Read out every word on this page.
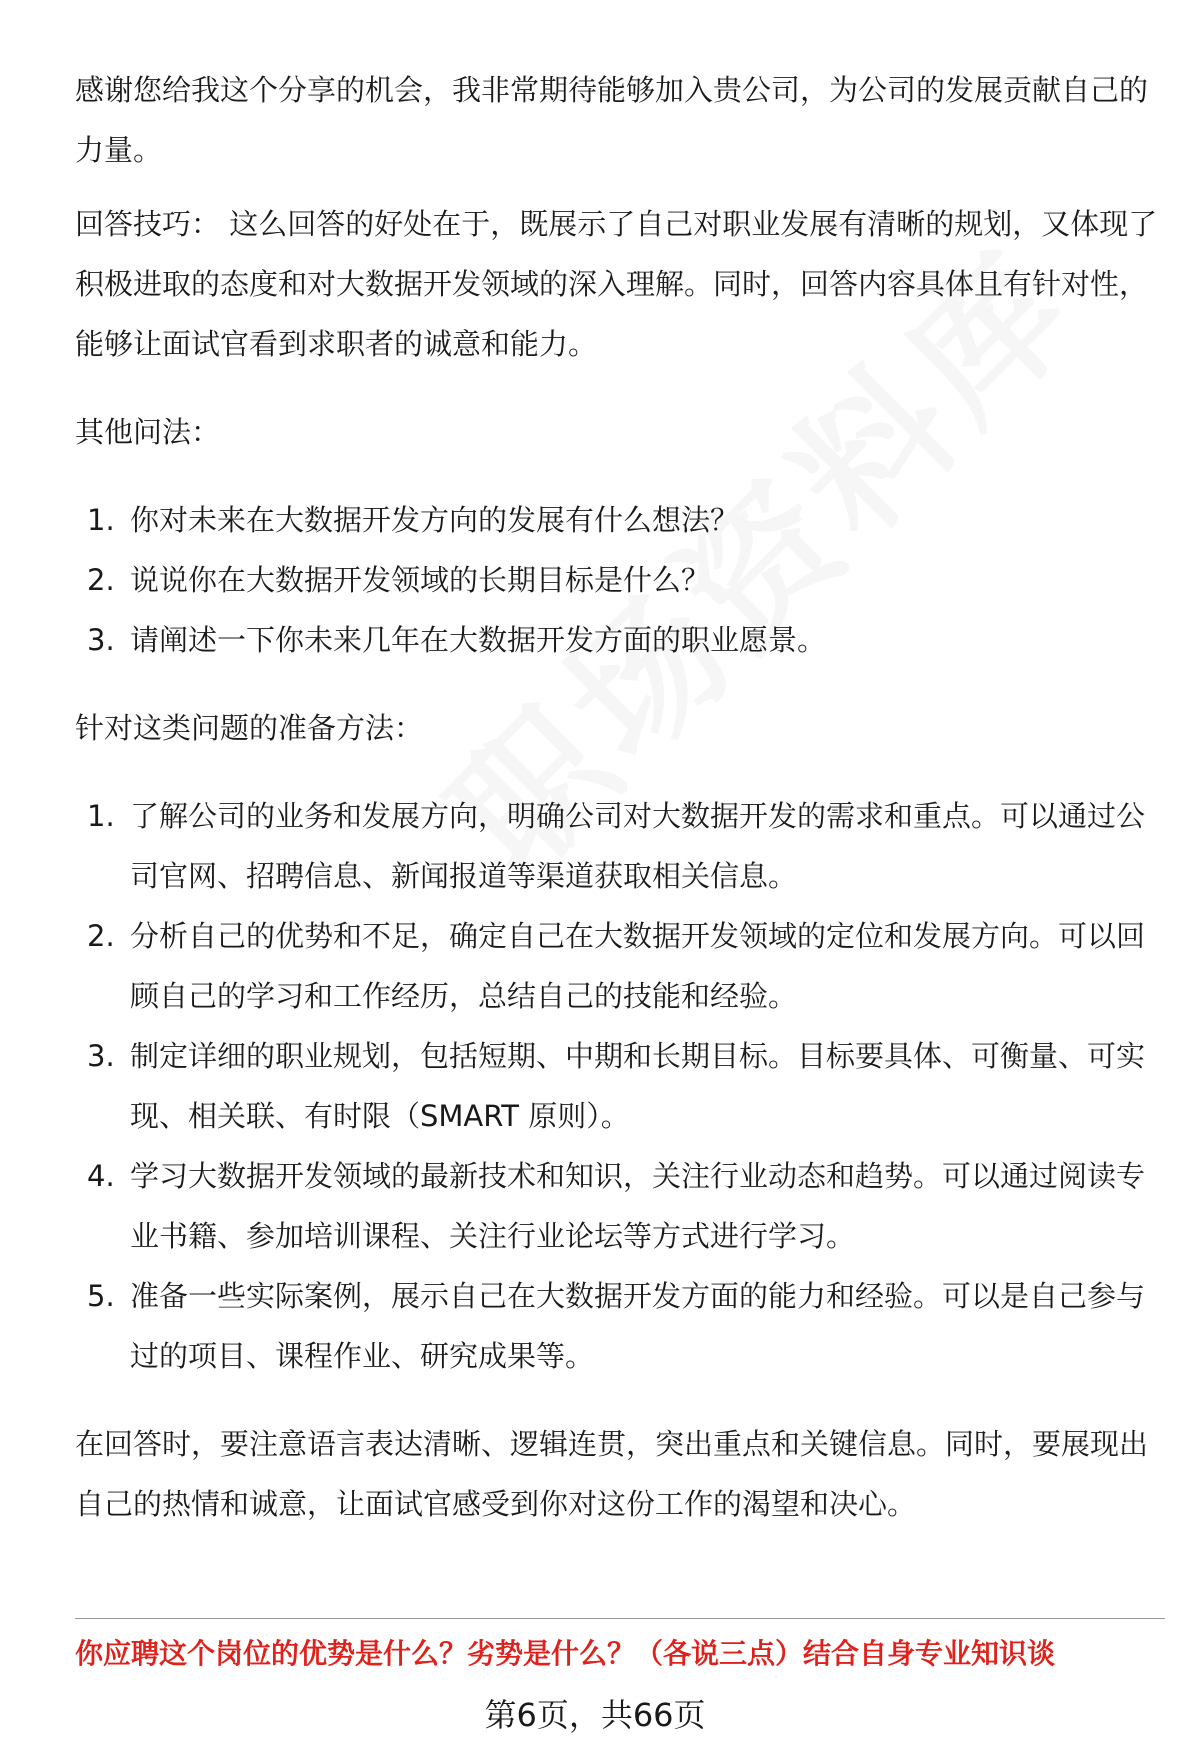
感谢您给我这个分享的机会，我非常期待能够加入贵公司，为公司的发展贡献自己的力量。

回答技巧： 这么回答的好处在于，既展示了自己对职业发展有清晰的规划，又体现了积极进取的态度和对大数据开发领域的深入理解。同时，回答内容具体且有针对性，能够让面试官看到求职者的诚意和能力。

其他问法：

1. 你对未来在大数据开发方向的发展有什么想法？
2. 说说你在大数据开发领域的长期目标是什么？
3. 请阐述一下你未来几年在大数据开发方面的职业愿景。

针对这类问题的准备方法：

1. 了解公司的业务和发展方向，明确公司对大数据开发的需求和重点。可以通过公司官网、招聘信息、新闻报道等渠道获取相关信息。
2. 分析自己的优势和不足，确定自己在大数据开发领域的定位和发展方向。可以回顾自己的学习和工作经历，总结自己的技能和经验。
3. 制定详细的职业规划，包括短期、中期和长期目标。目标要具体、可衡量、可实现、相关联、有时限（SMART 原则）。
4. 学习大数据开发领域的最新技术和知识，关注行业动态和趋势。可以通过阅读专业书籍、参加培训课程、关注行业论坛等方式进行学习。
5. 准备一些实际案例，展示自己在大数据开发方面的能力和经验。可以是自己参与过的项目、课程作业、研究成果等。

在回答时，要注意语言表达清晰、逻辑连贯，突出重点和关键信息。同时，要展现出自己的热情和诚意，让面试官感受到你对这份工作的渴望和决心。

你应聘这个岗位的优势是什么？劣势是什么？（各说三点）结合自身专业知识谈
第6页，共66页
